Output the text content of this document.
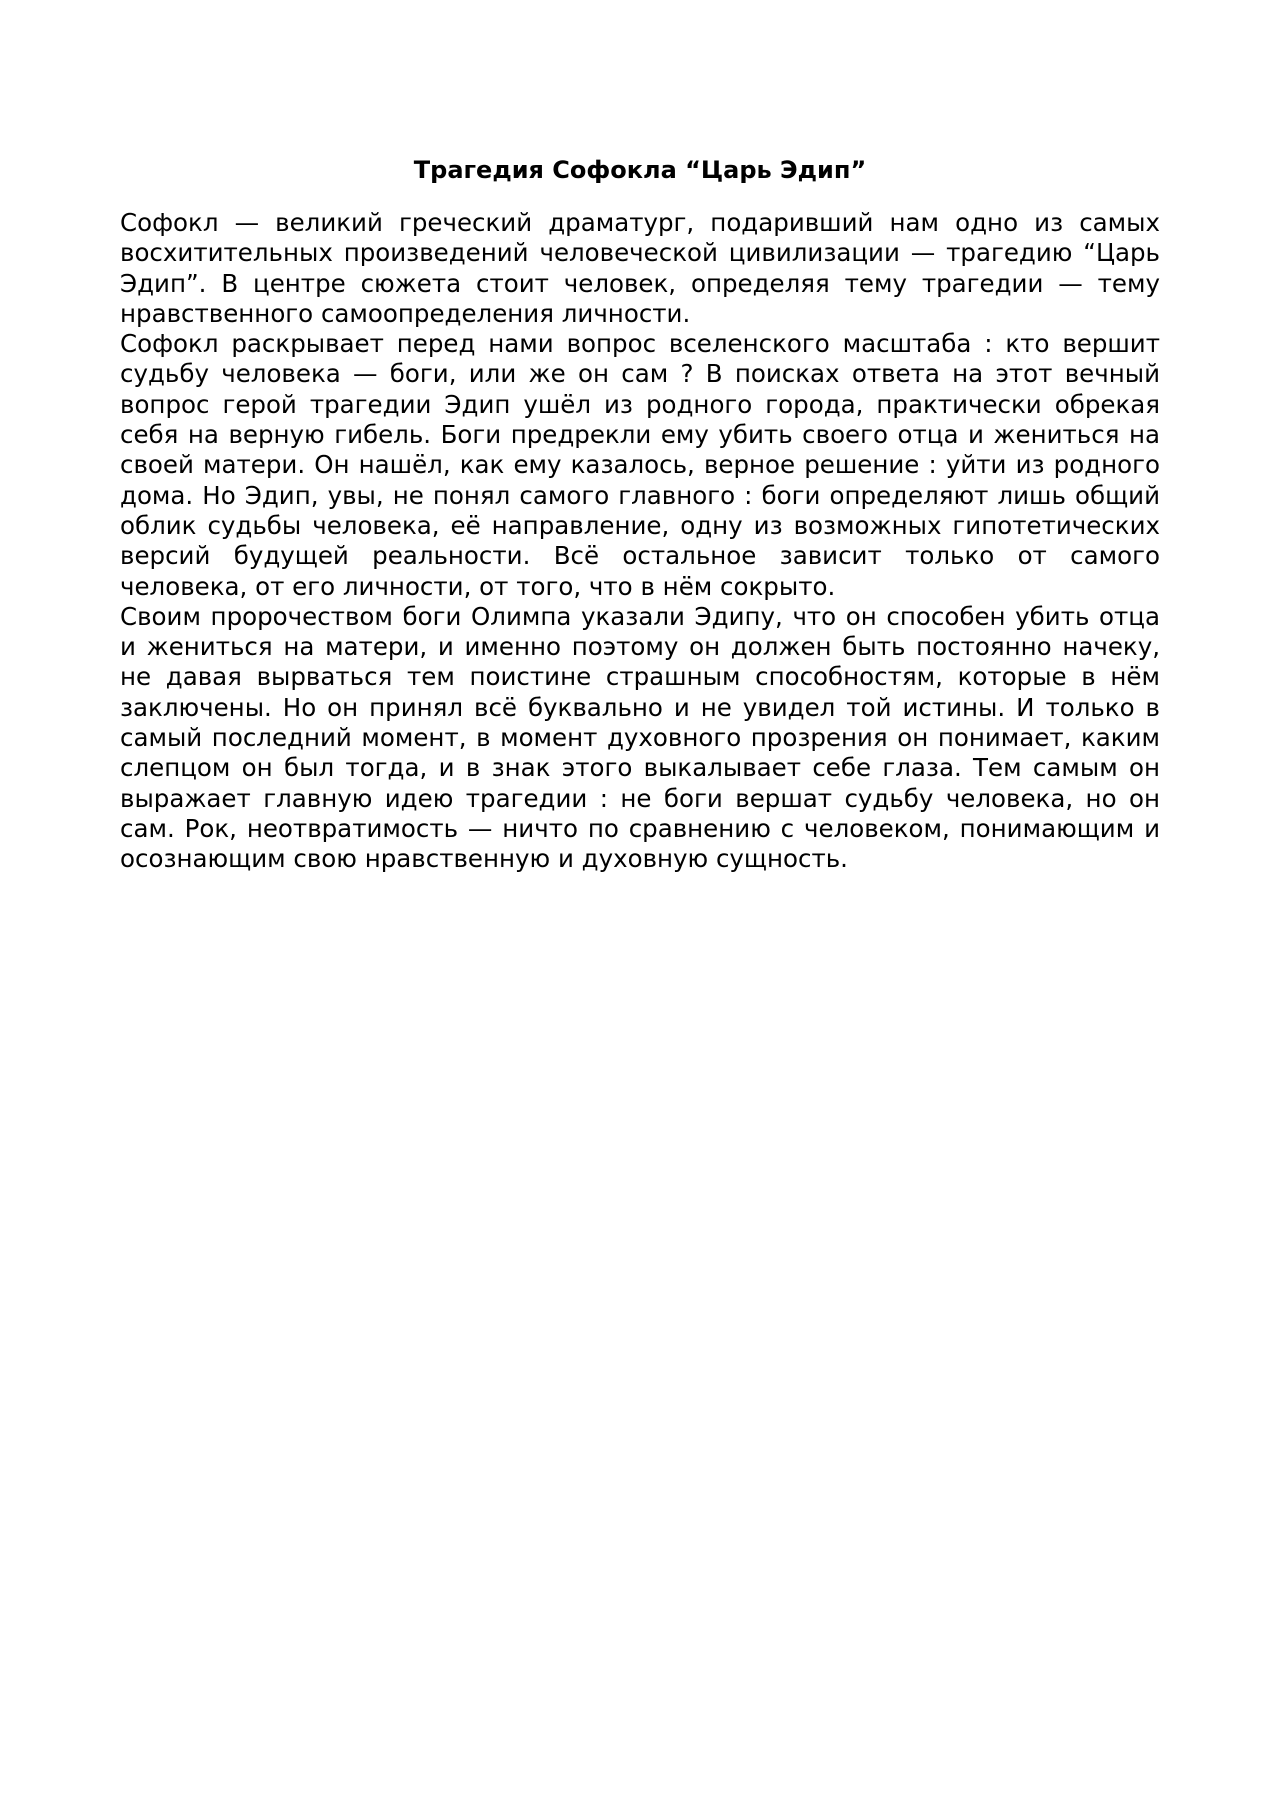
Трагедия Софокла “Царь Эдип”

Софокл — великий греческий драматург, подаривший нам одно из самых восхитительных произведений человеческой цивилизации — трагедию “Царь Эдип”. В центре сюжета стоит человек, определяя тему трагедии — тему нравственного самоопределения личности.

Софокл раскрывает перед нами вопрос вселенского масштаба : кто вершит судьбу человека — боги, или же он сам ? В поисках ответа на этот вечный вопрос герой трагедии Эдип ушёл из родного города, практически обрекая себя на верную гибель. Боги предрекли ему убить своего отца и жениться на своей матери. Он нашёл, как ему казалось, верное решение : уйти из родного дома. Но Эдип, увы, не понял самого главного : боги определяют лишь общий облик судьбы человека, её направление, одну из возможных гипотетических версий будущей реальности. Всё остальное зависит только от самого человека, от его личности, от того, что в нём сокрыто.

Своим пророчеством боги Олимпа указали Эдипу, что он способен убить отца и жениться на матери, и именно поэтому он должен быть постоянно начеку, не давая вырваться тем поистине страшным способностям, которые в нём заключены. Но он принял всё буквально и не увидел той истины. И только в самый последний момент, в момент духовного прозрения он понимает, каким слепцом он был тогда, и в знак этого выкалывает себе глаза. Тем самым он выражает главную идею трагедии : не боги вершат судьбу человека, но он сам. Рок, неотвратимость — ничто по сравнению с человеком, понимающим и осознающим свою нравственную и духовную сущность.
